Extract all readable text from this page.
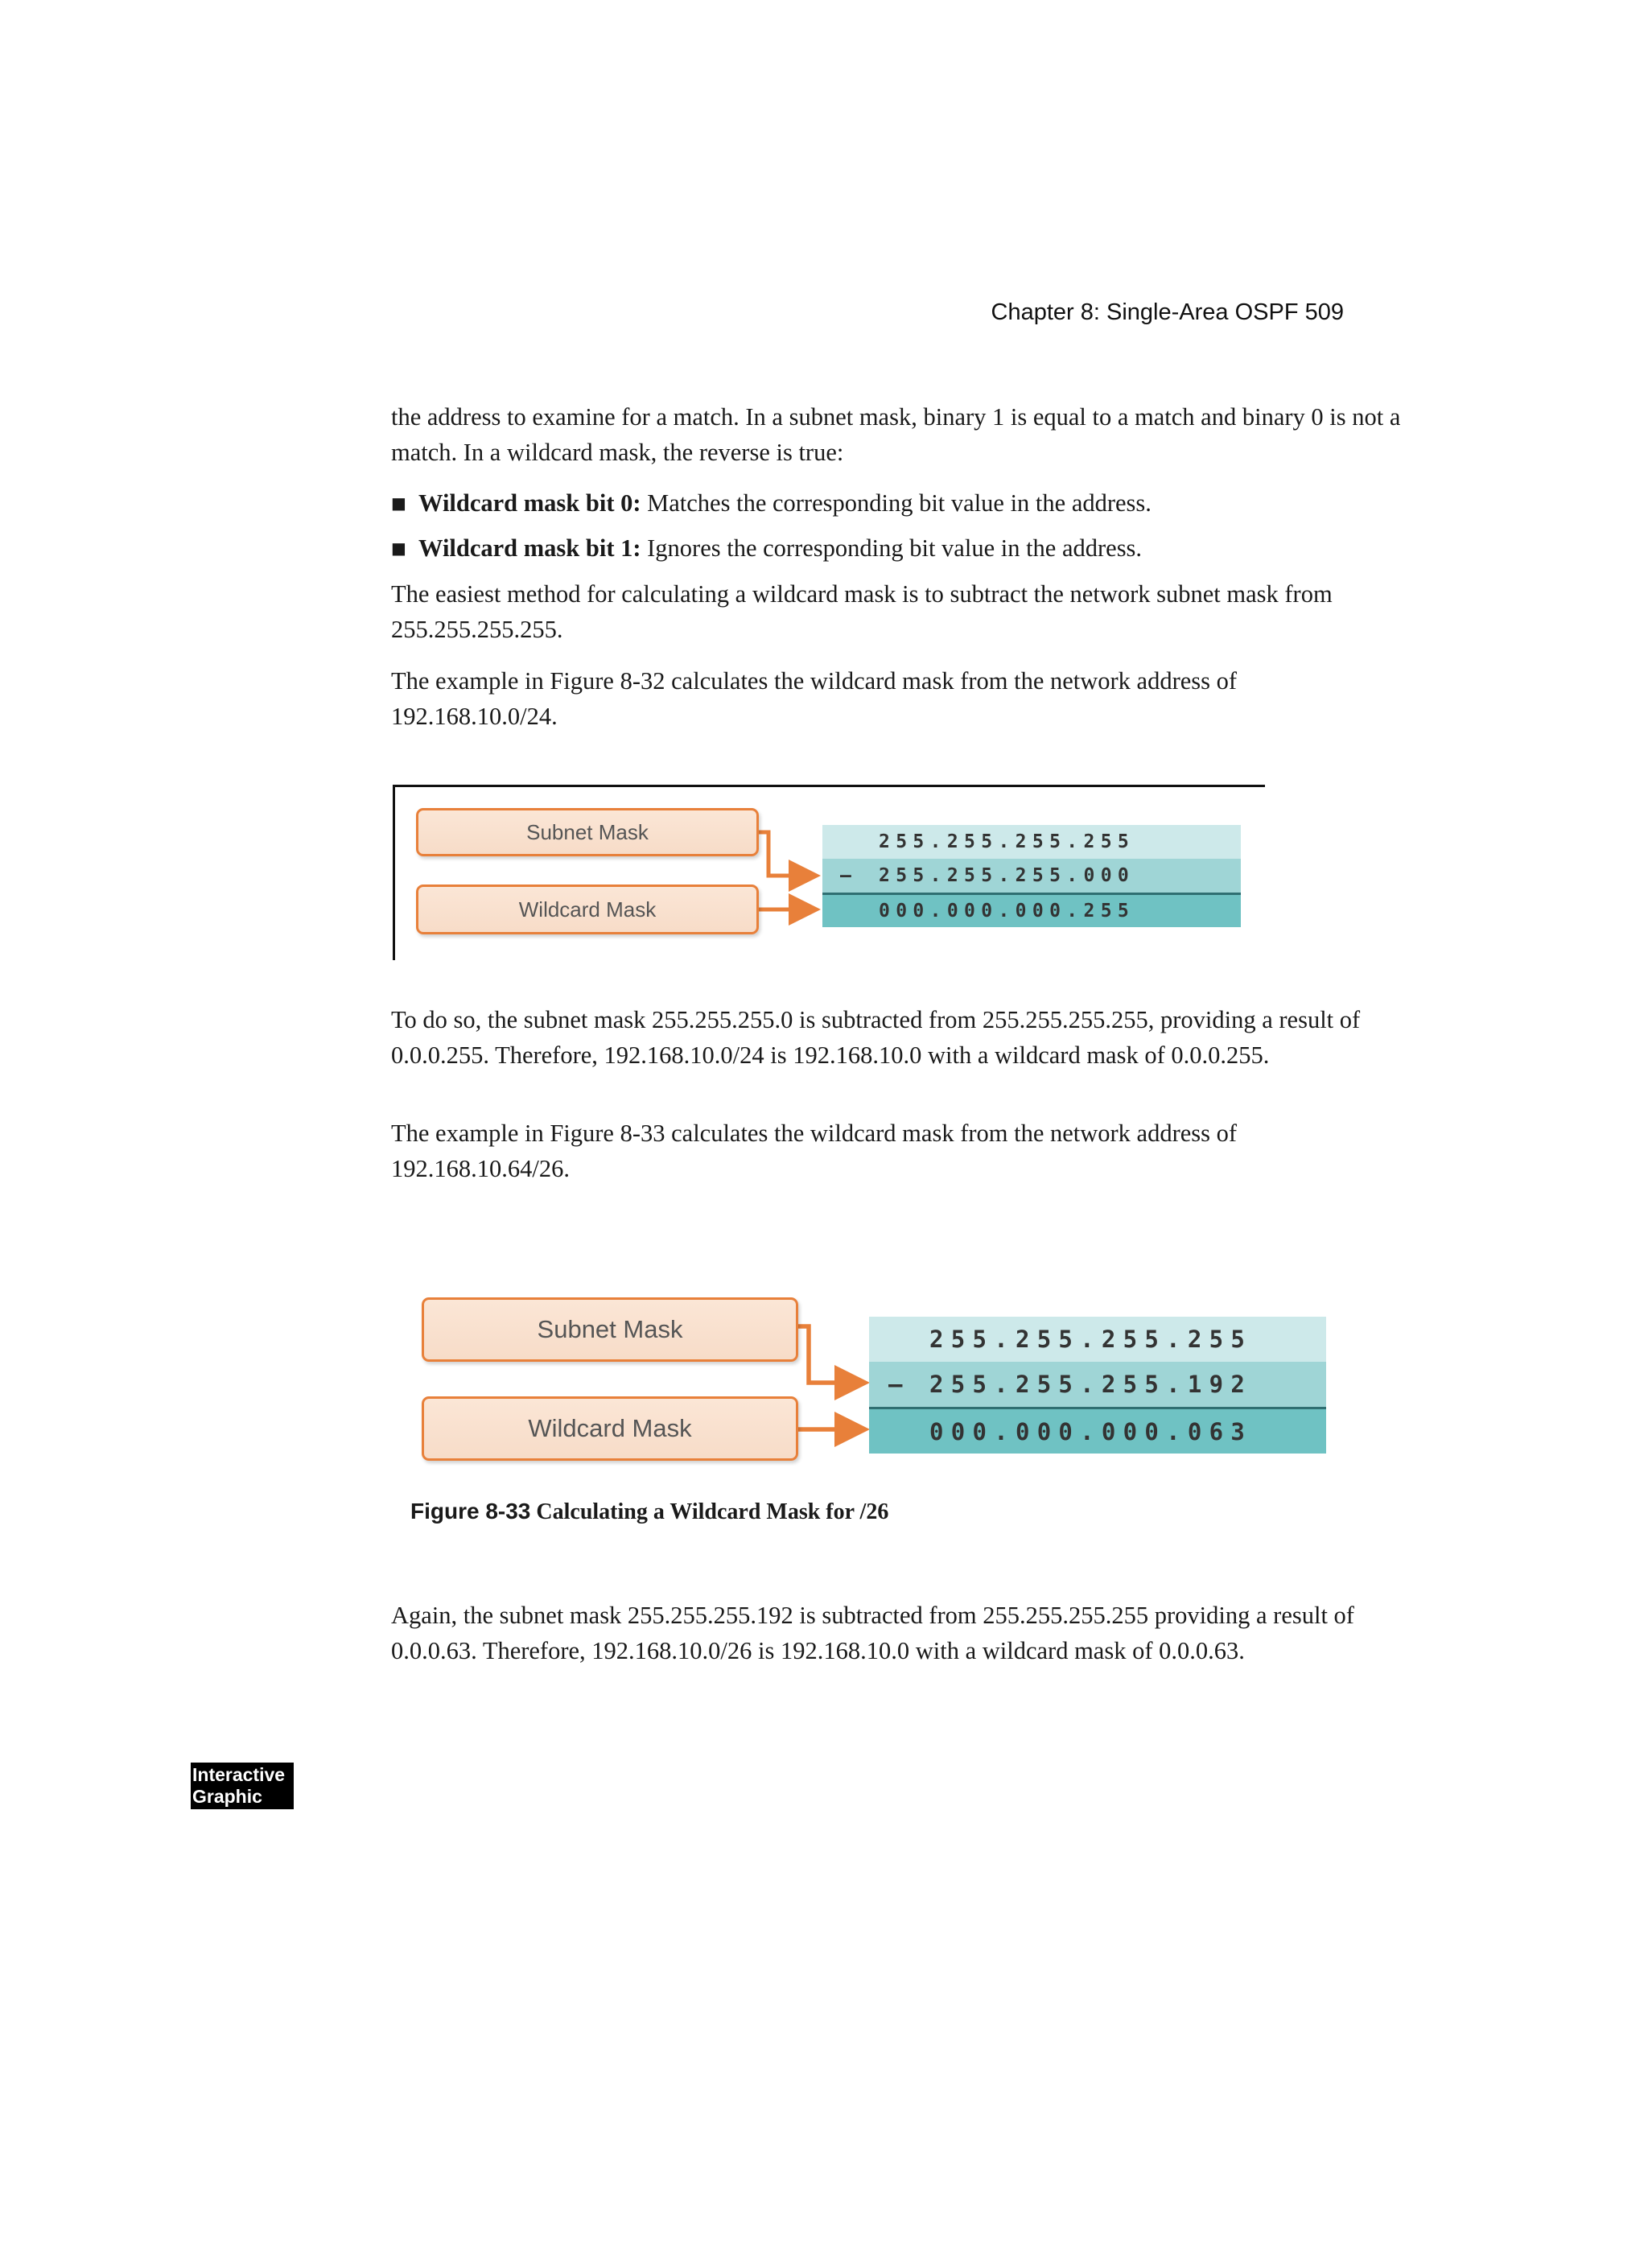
Chapter 8: Single-Area OSPF 509

the address to examine for a match. In a subnet mask, binary 1 is equal to a match and binary 0 is not a match. In a wildcard mask, the reverse is true:

■ Wildcard mask bit 0: Matches the corresponding bit value in the address.
■ Wildcard mask bit 1: Ignores the corresponding bit value in the address.

The easiest method for calculating a wildcard mask is to subtract the network subnet mask from 255.255.255.255.

The example in Figure 8-32 calculates the wildcard mask from the network address of 192.168.10.0/24.

Subnet Mask
Wildcard Mask
255.255.255.255
– 255.255.255.000
000.000.000.255

To do so, the subnet mask 255.255.255.0 is subtracted from 255.255.255.255, providing a result of 0.0.0.255. Therefore, 192.168.10.0/24 is 192.168.10.0 with a wildcard mask of 0.0.0.255.

The example in Figure 8-33 calculates the wildcard mask from the network address of 192.168.10.64/26.

Subnet Mask
Wildcard Mask
255.255.255.255
– 255.255.255.192
000.000.000.063
Figure 8-33 Calculating a Wildcard Mask for /26

Again, the subnet mask 255.255.255.192 is subtracted from 255.255.255.255 providing a result of 0.0.0.63. Therefore, 192.168.10.0/26 is 192.168.10.0 with a wildcard mask of 0.0.0.63.

Interactive
Graphic
